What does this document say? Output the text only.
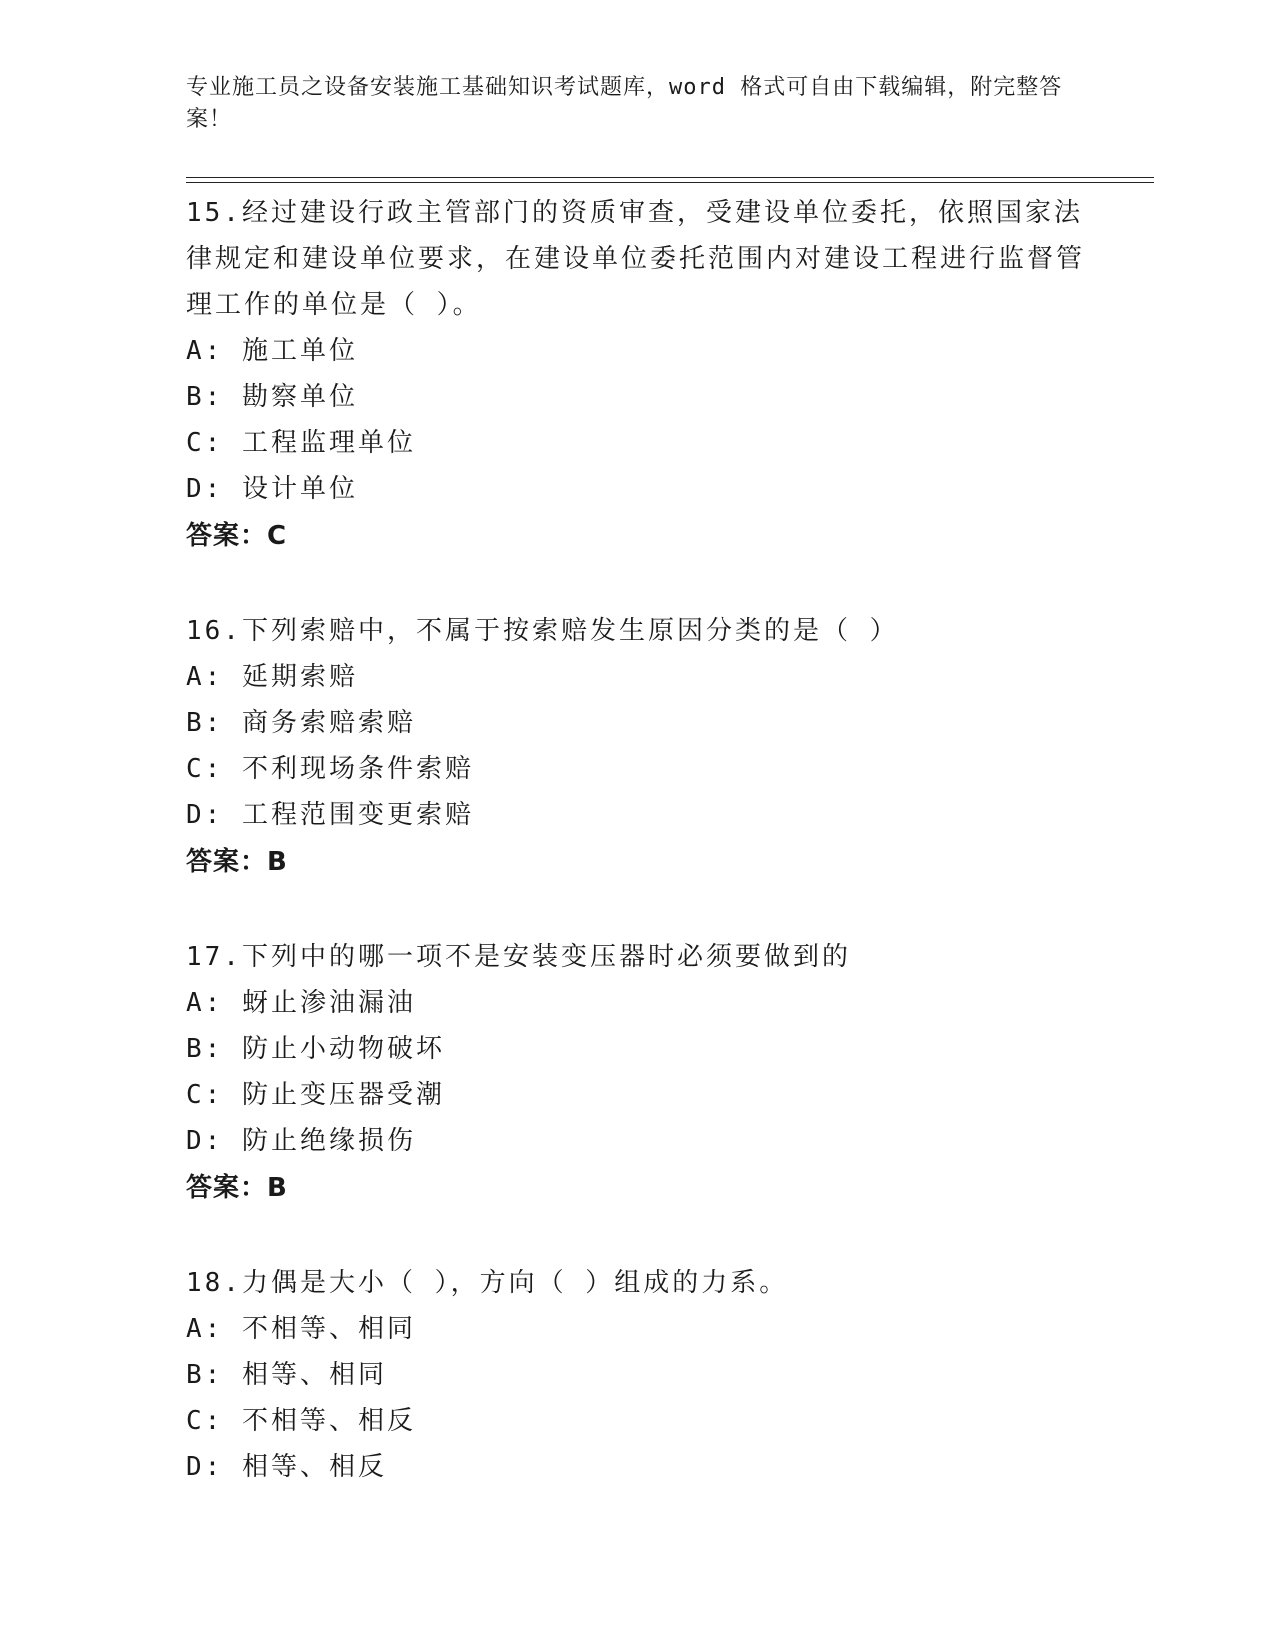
专业施工员之设备安装施工基础知识考试题库，word 格式可自由下载编辑，附完整答案！

15.经过建设行政主管部门的资质审查，受建设单位委托，依照国家法律规定和建设单位要求，在建设单位委托范围内对建设工程进行监督管理工作的单位是（ ）。

A: 施工单位

B: 勘察单位

C: 工程监理单位

D: 设计单位

答案：C

16.下列索赔中，不属于按索赔发生原因分类的是（ ）

A: 延期索赔

B: 商务索赔索赔

C: 不利现场条件索赔

D: 工程范围变更索赔

答案：B

17.下列中的哪一项不是安装变压器时必须要做到的

A: 蚜止渗油漏油

B: 防止小动物破坏

C: 防止变压器受潮

D: 防止绝缘损伤

答案：B

18.力偶是大小（ ），方向（ ）组成的力系。

A: 不相等、相同

B: 相等、相同

C: 不相等、相反

D: 相等、相反
